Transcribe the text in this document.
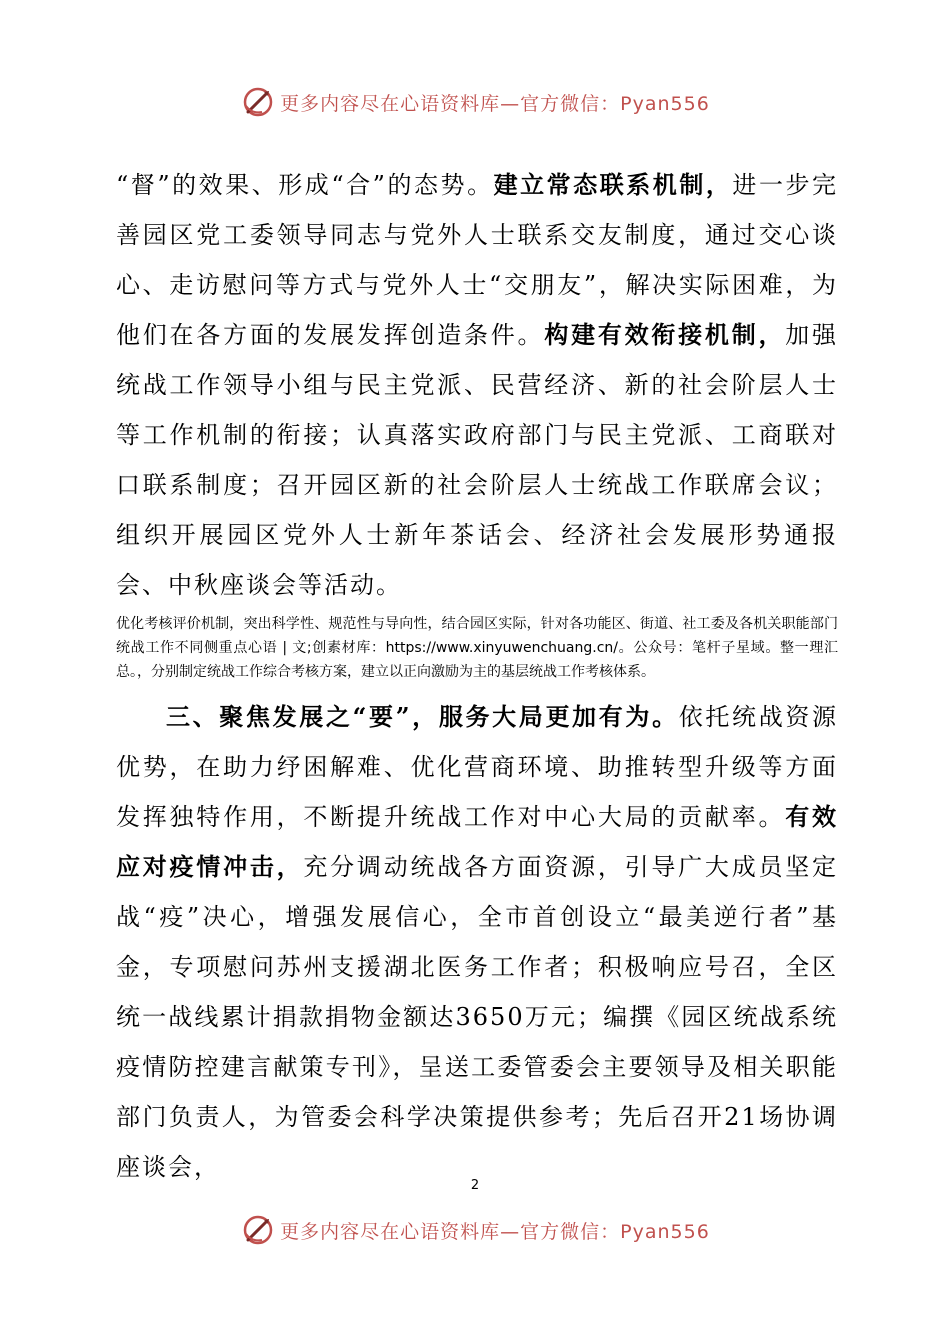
更多内容尽在心语资料库—官方微信：Pyan556

“督”的效果、形成“合”的态势。建立常态联系机制，进一步完善园区党工委领导同志与党外人士联系交友制度，通过交心谈心、走访慰问等方式与党外人士“交朋友”，解决实际困难，为他们在各方面的发展发挥创造条件。构建有效衔接机制，加强统战工作领导小组与民主党派、民营经济、新的社会阶层人士等工作机制的衔接；认真落实政府部门与民主党派、工商联对口联系制度；召开园区新的社会阶层人士统战工作联席会议；组织开展园区党外人士新年茶话会、经济社会发展形势通报会、中秋座谈会等活动。

优化考核评价机制，突出科学性、规范性与导向性，结合园区实际，针对各功能区、街道、社工委及各机关职能部门统战工作不同侧重点心语 | 文;创素材库：https://www.xinyuwenchuang.cn/。公众号：笔杆子星域。整一理汇总。，分别制定统战工作综合考核方案，建立以正向激励为主的基层统战工作考核体系。

三、聚焦发展之“要”，服务大局更加有为。依托统战资源优势，在助力纾困解难、优化营商环境、助推转型升级等方面发挥独特作用，不断提升统战工作对中心大局的贡献率。有效应对疫情冲击，充分调动统战各方面资源，引导广大成员坚定战“疫”决心，增强发展信心，全市首创设立“最美逆行者”基金，专项慰问苏州支援湖北医务工作者；积极响应号召，全区统一战线累计捐款捐物金额达3650万元；编撰《园区统战系统疫情防控建言献策专刊》，呈送工委管委会主要领导及相关职能部门负责人，为管委会科学决策提供参考；先后召开21场协调座谈会，

2
更多内容尽在心语资料库—官方微信：Pyan556
